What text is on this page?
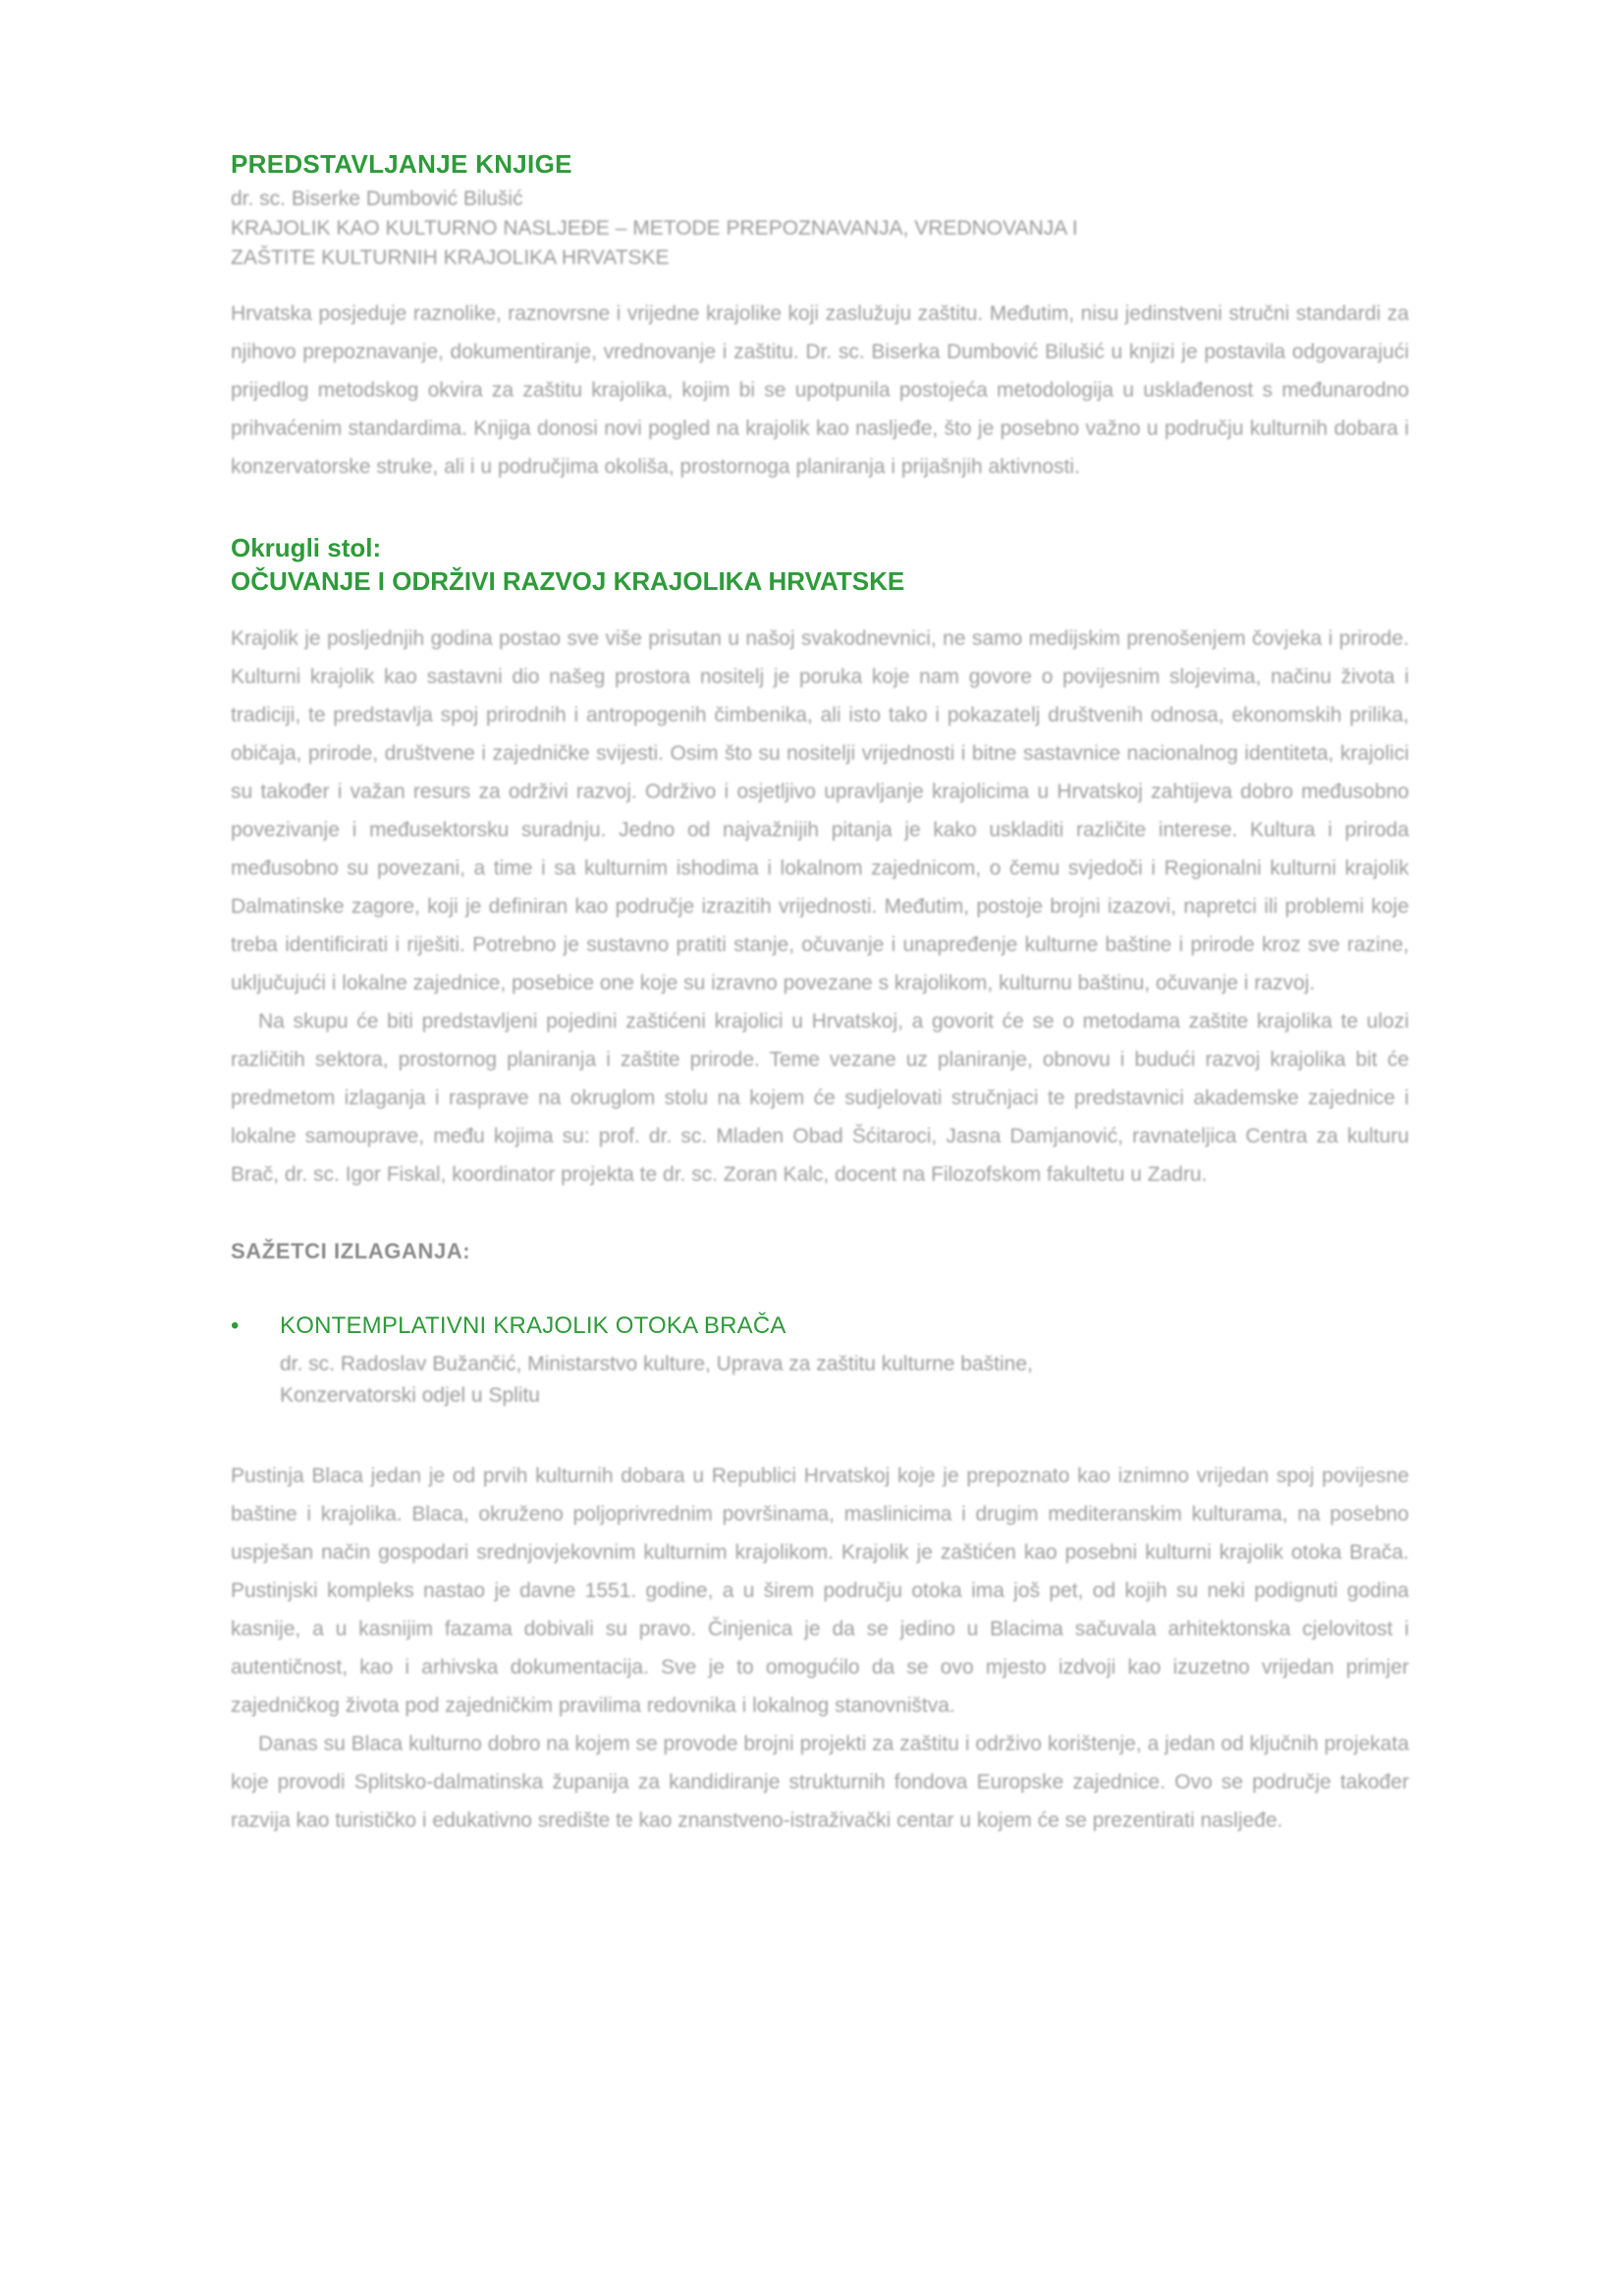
PREDSTAVLJANJE KNJIGE
dr. sc. Biserke Dumbović Bilušić
KRAJOLIK KAO KULTURNO NASLJEĐE – METODE PREPOZNAVANJA, VREDNOVANJA I
ZAŠTITE KULTURNIH KRAJOLIKA HRVATSKE

Hrvatska posjeduje raznolike, raznovrsne i vrijedne krajolike koji zaslužuju zaštitu. Međutim, nisu jedinstveni stručni standardi za njihovo prepoznavanje, dokumentiranje, vrednovanje i zaštitu. Dr. sc. Biserka Dumbović Bilušić u knjizi je postavila odgovarajući prijedlog metodskog okvira za zaštitu krajolika, kojim bi se upotpunila postojeća metodologija u usklađenost s međunarodno prihvaćenim standardima. Knjiga donosi novi pogled na krajolik kao nasljeđe, što je posebno važno u području kulturnih dobara i konzervatorske struke, ali i u područjima okoliša, prostornoga planiranja i prijašnjih aktivnosti.

Okrugli stol:
OČUVANJE I ODRŽIVI RAZVOJ KRAJOLIKA HRVATSKE

Krajolik je posljednjih godina postao sve više prisutan u našoj svakodnevnici, ne samo medijskim prenošenjem čovjeka i prirode. Kulturni krajolik kao sastavni dio našeg prostora nositelj je poruka koje nam govore o povijesnim slojevima, načinu života i tradiciji, te predstavlja spoj prirodnih i antropogenih čimbenika, ali isto tako i pokazatelj društvenih odnosa, ekonomskih prilika, običaja, prirode, društvene i zajedničke svijesti. Osim što su nositelji vrijednosti i bitne sastavnice nacionalnog identiteta, krajolici su također i važan resurs za održivi razvoj. Održivo i osjetljivo upravljanje krajolicima u Hrvatskoj zahtijeva dobro međusobno povezivanje i međusektorsku suradnju. Jedno od najvažnijih pitanja je kako uskladiti različite interese. Kultura i priroda međusobno su povezani, a time i sa kulturnim ishodima i lokalnom zajednicom, o čemu svjedoči i Regionalni kulturni krajolik Dalmatinske zagore, koji je definiran kao područje izrazitih vrijednosti. Međutim, postoje brojni izazovi, napretci ili problemi koje treba identificirati i riješiti. Potrebno je sustavno pratiti stanje, očuvanje i unapređenje kulturne baštine i prirode kroz sve razine, uključujući i lokalne zajednice, posebice one koje su izravno povezane s krajolikom, kulturnu baštinu, očuvanje i razvoj.

Na skupu će biti predstavljeni pojedini zaštićeni krajolici u Hrvatskoj, a govorit će se o metodama zaštite krajolika te ulozi različitih sektora, prostornog planiranja i zaštite prirode. Teme vezane uz planiranje, obnovu i budući razvoj krajolika bit će predmetom izlaganja i rasprave na okruglom stolu na kojem će sudjelovati stručnjaci te predstavnici akademske zajednice i lokalne samouprave, među kojima su: prof. dr. sc. Mladen Obad Šćitaroci, Jasna Damjanović, ravnateljica Centra za kulturu Brač, dr. sc. Igor Fiskal, koordinator projekta te dr. sc. Zoran Kalc, docent na Filozofskom fakultetu u Zadru.

SAŽETCI IZLAGANJA:
•	KONTEMPLATIVNI KRAJOLIK OTOKA BRAČA
dr. sc. Radoslav Bužančić, Ministarstvo kulture, Uprava za zaštitu kulturne baštine,
Konzervatorski odjel u Splitu

Pustinja Blaca jedan je od prvih kulturnih dobara u Republici Hrvatskoj koje je prepoznato kao iznimno vrijedan spoj povijesne baštine i krajolika. Blaca, okruženo poljoprivrednim površinama, maslinicima i drugim mediteranskim kulturama, na posebno uspješan način gospodari srednjovjekovnim kulturnim krajolikom. Krajolik je zaštićen kao posebni kulturni krajolik otoka Brača. Pustinjski kompleks nastao je davne 1551. godine, a u širem području otoka ima još pet, od kojih su neki podignuti godina kasnije, a u kasnijim fazama dobivali su pravo. Činjenica je da se jedino u Blacima sačuvala arhitektonska cjelovitost i autentičnost, kao i arhivska dokumentacija. Sve je to omogućilo da se ovo mjesto izdvoji kao izuzetno vrijedan primjer zajedničkog života pod zajedničkim pravilima redovnika i lokalnog stanovništva.

Danas su Blaca kulturno dobro na kojem se provode brojni projekti za zaštitu i održivo korištenje, a jedan od ključnih projekata koje provodi Splitsko-dalmatinska županija za kandidiranje strukturnih fondova Europske zajednice. Ovo se područje također razvija kao turističko i edukativno središte te kao znanstveno-istraživački centar u kojem će se prezentirati nasljeđe.
